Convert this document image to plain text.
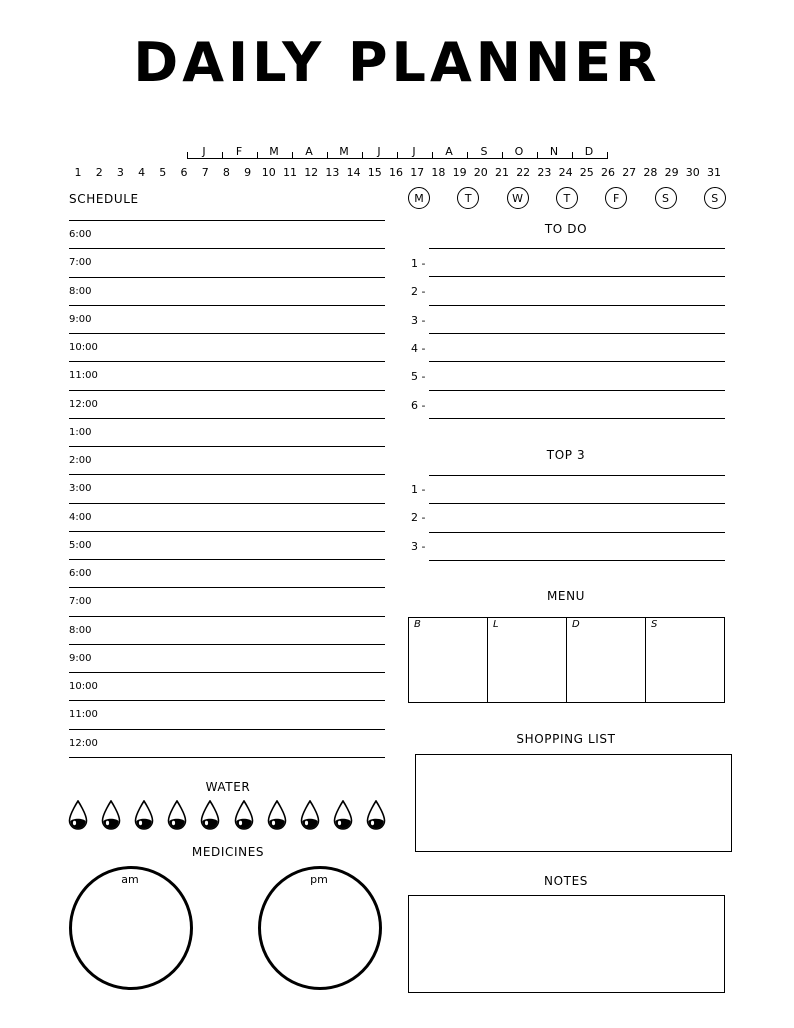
DAILY PLANNER
J	F	M A M	J	J	A	S	O N D
1	2	3	4	5	6	7	8	9 10 11 12 13 14 15 16 17 18 19 20 21 22 23 24 25 26 27 28 29 30 31
M	T	W	T	F	S	S
SCHEDULE
6:00
7:00
8:00
9:00
10:00
11:00
12:00
1:00
2:00
3:00
4:00
5:00
6:00
7:00
8:00
9:00
10:00
11:00
12:00
TO DO
1 -
2 -
3 -
4 -
5 -
6 -
TOP 3
1 -
2 -
3 -
MENU
B	L	D	S
SHOPPING LIST
NOTES
WATER
MEDICINES
am	pm
